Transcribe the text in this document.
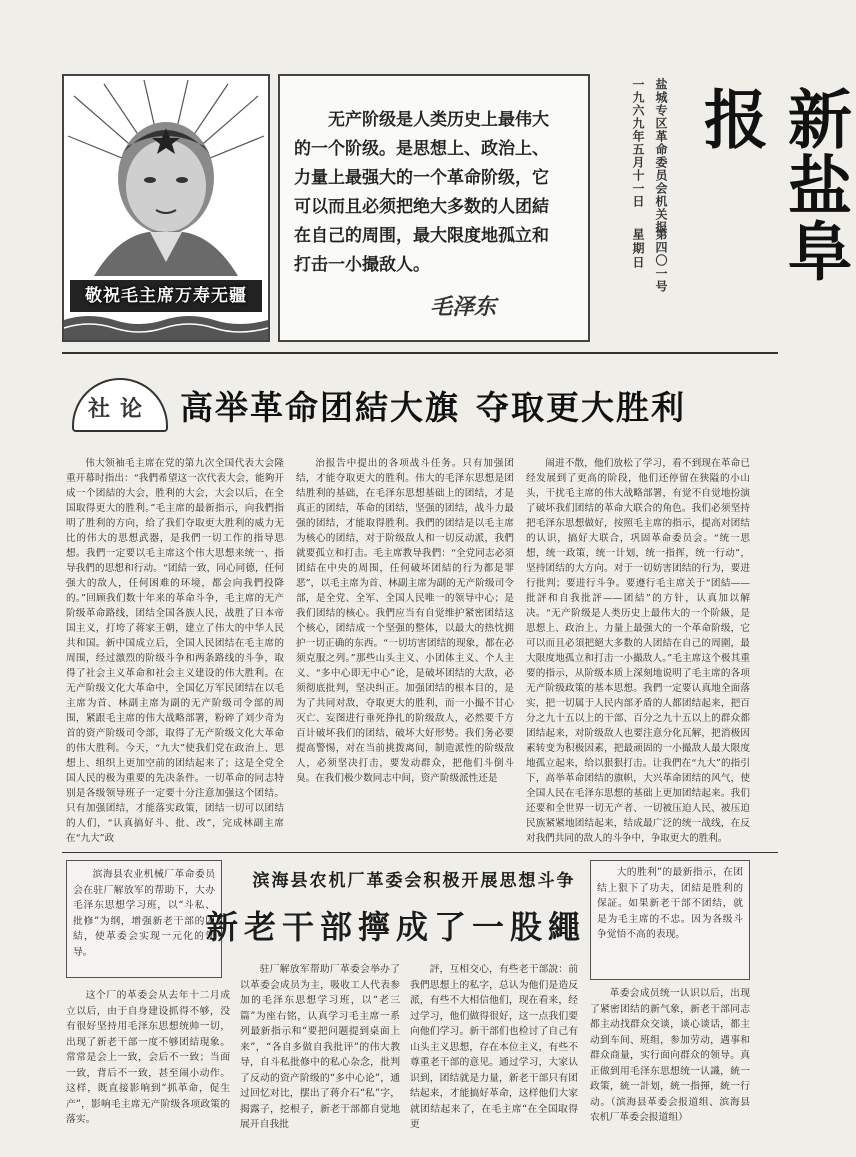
敬祝毛主席万寿无疆
无产阶级是人类历史上最伟大的一个阶级。是思想上、政治上、力量上最强大的一个革命阶级，它可以而且必须把绝大多数的人团結在自己的周围，最大限度地孤立和打击一小撮敌人。
毛泽东
盐城专区革命委员会机关报
一九六九年五月十一日
星期日 第四〇一号	新盐阜报
社论 高举革命团結大旗 夺取更大胜利
伟大领袖毛主席在党的第九次全国代表大会隆重开幕时指出：“我們希望这一次代表大会，能夠开成一个团結的大会，胜利的大会，大会以后，在全国取得更大的胜利。”毛主席的最新指示，向我們指明了胜利的方向，给了我们夺取更大胜利的威力无比的伟大的思想武器，是我們一切工作的指导思想。我們一定要以毛主席这个伟大思想来统一、指导我們的思想和行动。“团結一致，同心同德，任何强大的敌人，任何困难的环境，都会向我們投降的。”回顾我们数十年来的革命斗争，毛主席的无产阶级革命路线，团结全国各族人民，战胜了日本帝国主义，打垮了蒋家王朝，建立了伟大的中华人民共和国。新中国成立后，全国人民团结在毛主席的周围，经过激烈的阶级斗争和两条路线的斗争，取得了社会主义革命和社会主义建设的伟大胜利。在无产阶级文化大革命中，全国亿万军民团结在以毛主席为首、林副主席为副的无产阶级司令部的周围，紧跟毛主席的伟大战略部署，粉碎了刘少奇为首的资产阶级司令部，取得了无产阶级文化大革命的伟大胜利。今天，“九大”使我们党在政治上、思想上、组织上更加空前的团结起来了；这是全党全国人民的极为重要的先决条件。一切革命的同志特别是各级领导班子一定要十分注意加强这个团结。只有加强团结，才能落实政策，团结一切可以团结的人们，“认真搞好斗、批、改”，完成林副主席在“九大”政
治报告中提出的各项战斗任务。只有加强团结，才能夺取更大的胜利。伟大的毛泽东思想是团结胜利的基础，在毛泽东思想基础上的团结，才是真正的团结，革命的团结，坚强的团结，战斗力最强的团结，才能取得胜利。我們的团结是以毛主席为核心的团结，对于阶级敌人和一切反动派，我們就要孤立和打击。毛主席教导我們：“全党同志必須团結在中央的周围，任何破坏团結的行为都是罪恶”，以毛主席为首、林副主席为副的无产阶级司令部，是全党、全军、全国人民唯一的领导中心；是我们团结的核心。我們应当有自觉维护紧密团结这个核心，团结成一个坚强的整体，以最大的热忱拥护一切正确的东西。“一切坊害团结的现象，都在必须克服之列。”那些山头主义、小团体主义、个人主义、“多中心即无中心”论，是破坏团结的大敌，必须彻底批判，坚决纠正。加强团结的根本目的，是为了共同对敌，夺取更大的胜利，而一小撮不甘心灭亡、妄图进行垂死挣扎的阶级敌人，必然要千方百计破坏我们的团结，破坏大好形势。我们务必要提高警惕，对在当前挑拨离间，制造派性的阶级敌人，必须坚决打击，要发动群众，把他们斗倒斗臭。在我们极少数同志中间，资产阶级派性还是
闹进不散，他们放松了学习，看不到现在革命已经发展到了更高的阶段，他们还停留在狭隘的小山头，干扰毛主席的伟大战略部署，有觉不自觉地扮演了破坏我们团结的革命大联合的角色。我们必须坚持把毛泽东思想做好，按照毛主席的指示，提高对团结的认识，搞好大联合，巩固革命委员会。“统一思想，统一政策，统一计划，统一指挥，统一行动”，坚持团结的大方向。对于一切妨害团结的行为，要进行批判；要进行斗争。要遵行毛主席关于“团結——批評和自我批評——团結”的方针，认真加以解决。“无产阶级是人类历史上最伟大的一个阶級，是思想上、政治上、力量上最强大的一个革命阶级，它可以而且必須把絕大多数的人团結在自己的周圍，最大限度地孤立和打击一小撮敌人。”毛主席这个极其重要的指示，从阶级本质上深刻地说明了毛主席的各项无产阶级政策的基本思想。我們一定要认真地全面落实，把一切属于人民内部矛盾的人都团结起来，把百分之九十五以上的干部、百分之九十五以上的群众都团结起来，对阶级敌人也要注意分化瓦解，把消极因素转变为积极因素，把最顽固的一小撮敌人最大限度地孤立起来，给以狠狠打击。让我們在“九大”的指引下，高举革命团结的旗帜，大兴革命团结的风气，使全国人民在毛泽东思想的基础上更加团结起来。我们还要和全世界一切无产者、一切被压迫人民、被压迫民族紧紧地团结起来，结成最广泛的统一战线，在反对我們共同的敌人的斗争中，争取更大的胜利。
滨海县农业机械厂革命委员会在驻厂解放军的帮助下，大办毛泽东思想学习班，以“斗私、批修”为纲，增强新老干部的团結，使革委会实现一元化的领导。
滨海县农机厂革委会积极开展思想斗争
新老干部擰成了一股繩
这个厂的革委会从去年十二月成立以后，由于自身建设抓得不够，没有很好坚持用毛泽东思想统帅一切，出现了新老干部一度不够团結現象。常常是会上一致，会后不一致；当面一致，背后不一致，甚至闹小动作。这样，既直接影响到“抓革命，促生产”，影响毛主席无产阶级各项政策的落实。
驻厂解放军帮助厂革委会举办了以革委会成员为主，吸收工人代表参加的毛泽东思想学习班，以“老三篇”为座右铭，认真学习毛主席一系列最新指示和“要把问题提到桌面上来”，“各自多做自我批评”的伟大教导，自斗私批修中的私心杂念，批判了反动的资产阶级的“多中心论”，通过回忆对比，摆出了蒋介石“私”字，揭露子，挖根子，新老干部都自觉地展开自我批
評，互相交心，有些老干部說：前我們思想上的私字，总认为他们是造反派，有些不大相信他们，现在看来，经过学习，他们做得很好，这一点我们要向他们学习。新干部们也检讨了自己有山头主义思想，存在本位主义，有些不尊重老干部的意见。通过学习，大家认识到，团结就是力量，新老干部只有团结起来，才能搞好革命，这样他们大家就团结起来了，在毛主席“在全国取得更
大的胜利”的最新指示，在团结上狠下了功夫，团結是胜利的保証。如果新老干部不团结，就是为毛主席的不忠。因为各级斗争觉悟不高的表现。
革委会成员统一认识以后，出现了紧密团结的新气象，新老干部同志都主动找群众交谈，谈心谈话，都主动到车间、班组，参加劳动，遇事和群众商量，实行面向群众的领导。真正做到用毛泽东思想统一认識，統一政策，統一計划，統一指揮，統一行动。（滨海县革委会报道组、滨海县农机厂革委会报道组）
